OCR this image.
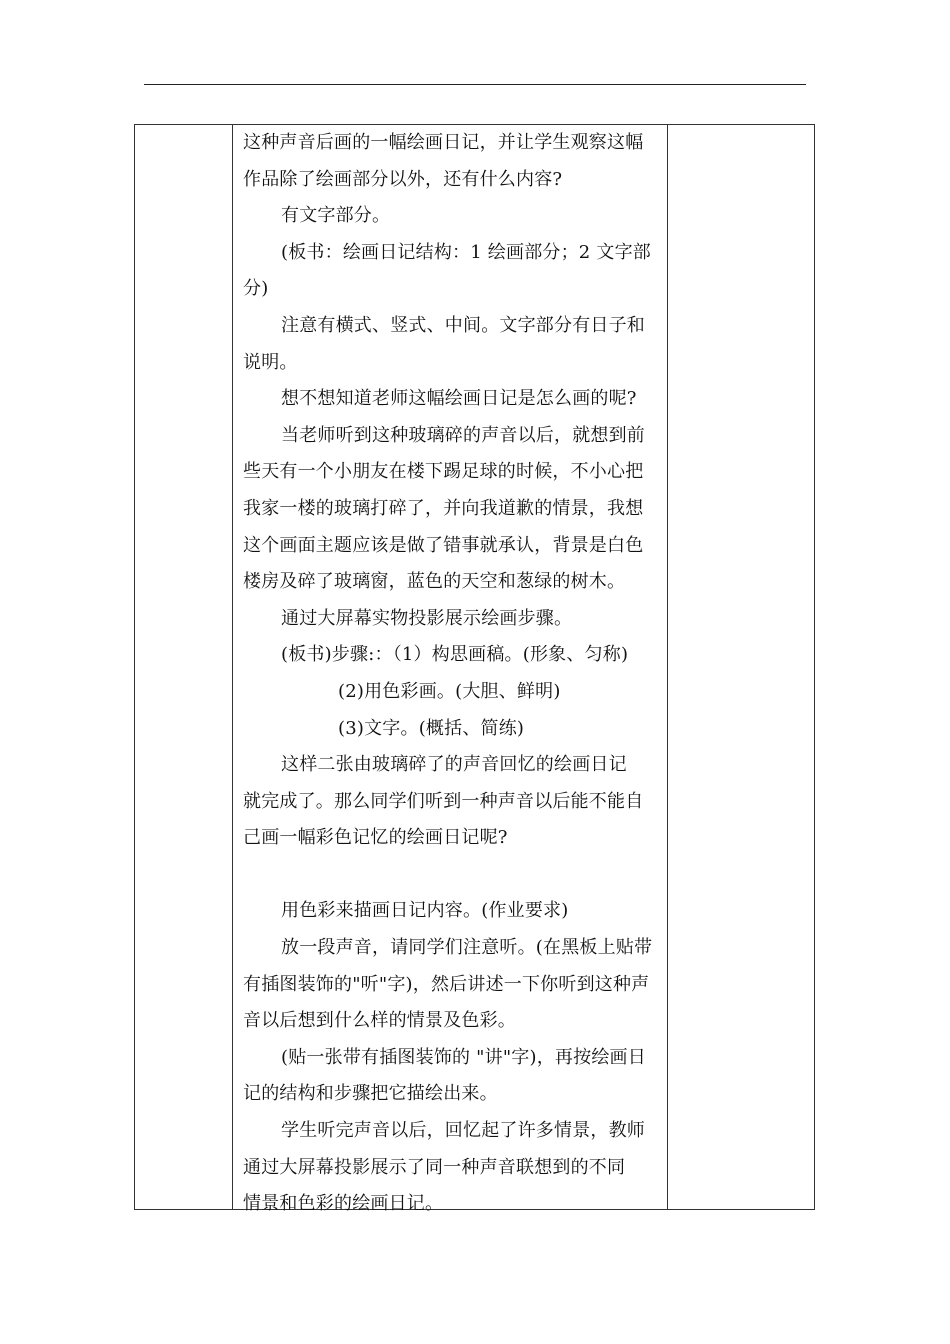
这种声音后画的一幅绘画日记，并让学生观察这幅
作品除了绘画部分以外，还有什么内容?
有文字部分。
(板书：绘画日记结构：1 绘画部分；2 文字部
分)
注意有横式、竖式、中间。文字部分有日子和
说明。
想不想知道老师这幅绘画日记是怎么画的呢?
当老师听到这种玻璃碎的声音以后，就想到前
些天有一个小朋友在楼下踢足球的时候，不小心把
我家一楼的玻璃打碎了，并向我道歉的情景，我想
这个画面主题应该是做了错事就承认，背景是白色
楼房及碎了玻璃窗，蓝色的天空和葱绿的树木。
通过大屏幕实物投影展示绘画步骤。
(板书)步骤:：（1）构思画稿。(形象、匀称)
(2)用色彩画。(大胆、鲜明)
(3)文字。(概括、简练)
这样二张由玻璃碎了的声音回忆的绘画日记
就完成了。那么同学们听到一种声音以后能不能自
己画一幅彩色记忆的绘画日记呢?
用色彩来描画日记内容。(作业要求)
放一段声音，请同学们注意听。(在黑板上贴带
有插图装饰的"听"字)，然后讲述一下你听到这种声
音以后想到什么样的情景及色彩。
(贴一张带有插图装饰的 "讲"字)，再按绘画日
记的结构和步骤把它描绘出来。
学生听完声音以后，回忆起了许多情景，教师
通过大屏幕投影展示了同一种声音联想到的不同
情景和色彩的绘画日记。
